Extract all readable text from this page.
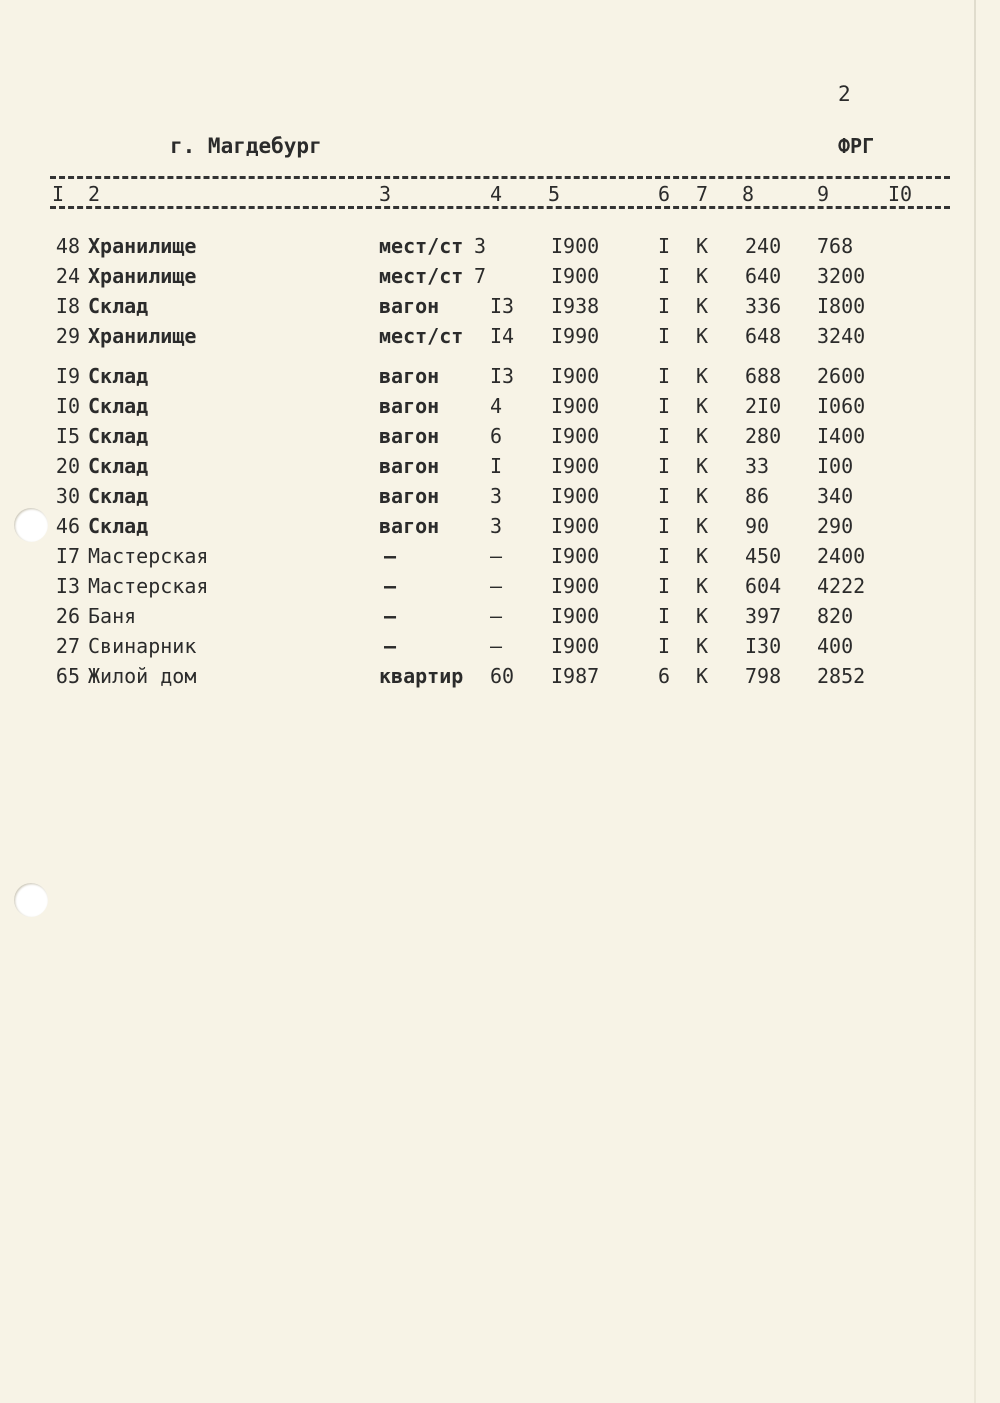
2
г. Магдебург	ФРГ
I 2	3	4 5	6 7 8	9	I0
48 Хранилище	мест/ст 3	I900	I К 240 768
24 Хранилище	мест/ст 7	I900	I К 640 3200
I8 Склад	вагон	I3 I938	I К 336 I800
29 Хранилище	мест/ст I4 I990	I К 648 3240
I9 Склад	вагон	I3 I900	I К 688 2600
I0 Склад	вагон	4 I900	I К 2I0 I060
I5 Склад	вагон	6 I900	I К 280 I400
20 Склад	вагон	I I900	I К 33 I00
30 Склад	вагон	3 I900	I К 86 340
46 Склад	вагон	3 I900	I К 90 290
I7 Мастерская	–	– I900	I К 450 2400
I3 Мастерская	–	– I900	I К 604 4222
26 Баня	–	– I900	I К 397 820
27 Свинарник	–	– I900	I К I30 400
65 Жилой дом	квартир 60 I987	6 К 798 2852
